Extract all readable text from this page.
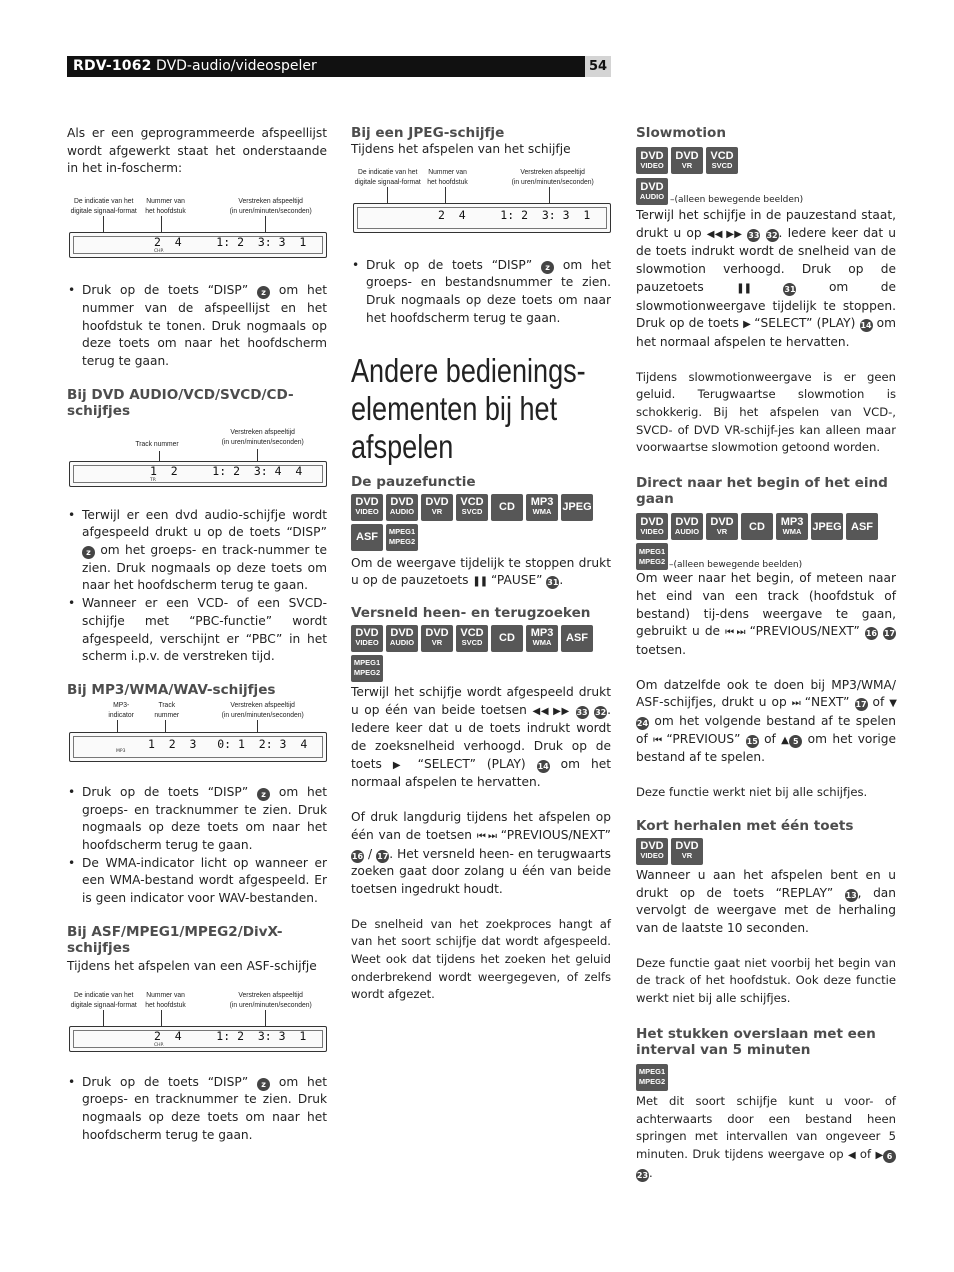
RDV-1062 DVD-audio/videospeler	54

Als er een geprogrammeerde afspeellijst wordt afgewerkt staat het onderstaande in het in-foscherm:

De indicatie van het
digitale signaal-format
Nummer van
het hoofdstuk
Verstreken afspeeltijd
(in uren/minuten/seconden)
2  4     1: 2  3: 3  1
CHP.
• Druk op de toets “DISP” z om het nummer van de afspeellijst en het hoofdstuk te tonen. Druk nogmaals op deze toets om naar het hoofdscherm terug te gaan.
Bij DVD AUDIO/VCD/SVCD/CD-schijfjes
Track nummer
Verstreken afspeeltijd
(in uren/minuten/seconden)
1  2     1: 2  3: 4  4
TR
• Terwijl er een dvd audio-schijfje wordt afgespeeld drukt u op de toets “DISP” z om het groeps- en track-nummer te zien. Druk nogmaals op deze toets om naar het hoofdscherm terug te gaan.
• Wanneer er een VCD- of een SVCD-schijfje met “PBC-functie” wordt afgespeeld, verschijnt er “PBC” in het scherm i.p.v. de verstreken tijd.
Bij MP3/WMA/WAV-schijfjes
MP3-
indicator
Track
nummer
Verstreken afspeeltijd
(in uren/minuten/seconden)
1  2  3   0: 1  2: 3  4
MP3
• Druk op de toets “DISP” z om het groeps- en tracknummer te zien. Druk nogmaals op deze toets om naar het hoofdscherm terug te gaan.
• De WMA-indicator licht op wanneer er een WMA-bestand wordt afgespeeld. Er is geen indicator voor WAV-bestanden.
Bij ASF/MPEG1/MPEG2/DivX-schijfjes

Tijdens het afspelen van een ASF-schijfje

De indicatie van het
digitale signaal-format
Nummer van
het hoofdstuk
Verstreken afspeeltijd
(in uren/minuten/seconden)
2  4     1: 2  3: 3  1
CHP.
• Druk op de toets “DISP” z om het groeps- en tracknummer te zien. Druk nogmaals op deze toets om naar het hoofdscherm terug te gaan.
Bij een JPEG-schijfje

Tijdens het afspelen van het schijfje

De indicatie van het
digitale signaal-format
Nummer van
het hoofdstuk
Verstreken afspeeltijd
(in uren/minuten/seconden)
2  4     1: 2  3: 3  1
• Druk op de toets “DISP” z om het groeps- en bestandsnummer te zien. Druk nogmaals op deze toets om naar het hoofdscherm terug te gaan.
Andere bedienings-
elementen bij het
afspelen
De pauzefunctie
DVD
VIDEO
DVD
AUDIO
DVD
VR
VCD
SVCD	CD	MP3
WMA JPEG
ASF	MPEG1
MPEG2

Om de weergave tijdelijk te stoppen drukt u op de pauzetoets ❚❚ “PAUSE” 31.

Versneld heen- en terugzoeken
DVD
VIDEO
DVD
AUDIO
DVD
VR
VCD
SVCD	CD	MP3
WMA	ASF
MPEG1
MPEG2

Terwijl het schijfje wordt afgespeeld drukt u op één van beide toetsen ◀◀ ▶▶ 33 32. Iedere keer dat u de toets indrukt wordt de zoeksnelheid verhoogd. Druk op de toets ▶ “SELECT” (PLAY) 14 om het normaal afspelen te hervatten.

Of druk langdurig tijdens het afspelen op één van de toetsen ⏮ ⏭ “PREVIOUS/NEXT” 16 / 17. Het versneld heen- en terugwaarts zoeken gaat door zolang u één van beide toetsen ingedrukt houdt.

De snelheid van het zoekproces hangt af van het soort schijfje dat wordt afgespeeld. Weet ook dat tijdens het zoeken het geluid onderbrekend wordt weergegeven, of zelfs wordt afgezet.

Slowmotion
DVD
VIDEO
DVD
VR
VCD
SVCD
DVD
AUDIO –(alleen bewegende beelden)

Terwijl het schijfje in de pauzestand staat, drukt u op ◀◀ ▶▶ 33 32. Iedere keer dat u de toets indrukt wordt de snelheid van de slowmotion verhoogd. Druk op de pauzetoets ❚❚	31 om de slowmotionweergave tijdelijk te stoppen. Druk op de toets ▶ “SELECT” (PLAY) 14 om het normaal afspelen te hervatten.

Tijdens slowmotionweergave is er geen geluid. Terugwaartse slowmotion is schokkerig. Bij het afspelen van VCD-, SVCD- of DVD VR-schijf-jes kan alleen maar voorwaartse slowmotion getoond worden.

Direct naar het begin of het eind gaan
DVD
VIDEO
DVD
AUDIO
DVD
VR	CD	MP3
WMA JPEG ASF
MPEG1
MPEG2 –(alleen bewegende beelden)

Om weer naar het begin, of meteen naar het eind van een track (hoofdstuk of bestand) tij-dens weergave te gaan, gebruikt u de ⏮ ⏭ “PREVIOUS/NEXT” 16 17 toetsen.

Om datzelfde ook te doen bij MP3/WMA/ ASF-schijfjes, drukt u op ⏭ “NEXT” 17 of ▼24 om het volgende bestand af te spelen of ⏮ “PREVIOUS” 15 of ▲ 5 om het vorige bestand af te spelen.

Deze functie werkt niet bij alle schijfjes.

Kort herhalen met één toets
DVD
VIDEO
DVD
VR

Wanneer u aan het afspelen bent en u drukt op de toets “REPLAY” 13, dan vervolgt de weergave met de herhaling van de laatste 10 seconden.

Deze functie gaat niet voorbij het begin van de track of het hoofdstuk. Ook deze functie werkt niet bij alle schijfjes.

Het stukken overslaan met een interval van 5 minuten
MPEG1
MPEG2

Met dit soort schijfje kunt u voor- of achterwaarts door een bestand heen springen met intervallen van ongeveer 5 minuten. Druk tijdens weergave op ◀ of ▶ 6 23.
